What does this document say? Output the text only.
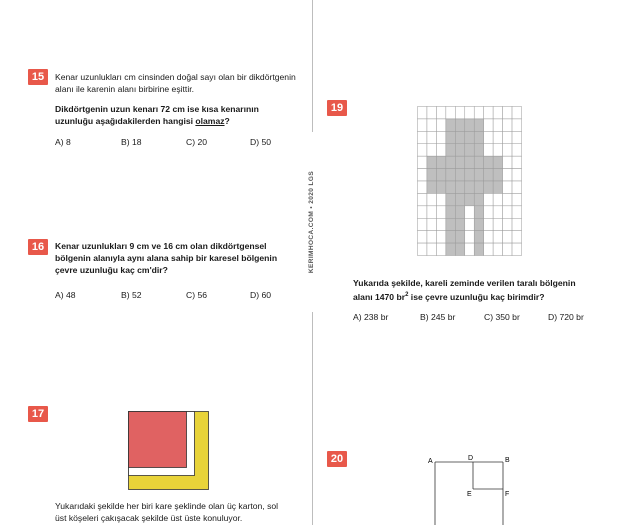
KERIMHOCA.COM • 2020 LGS
15	Kenar uzunlukları cm cinsinden doğal sayı olan bir dikdörtgenin
alanı ile karenin alanı birbirine eşittir.
Dikdörtgenin uzun kenarı 72 cm ise kısa kenarının
uzunluğu aşağıdakilerden hangisi olamaz?
A) 8	B) 18	C) 20	D) 50
16	Kenar uzunlukları 9 cm ve 16 cm olan dikdörtgensel
bölgenin alanıyla aynı alana sahip bir karesel bölgenin
çevre uzunluğu kaç cm'dir?
A) 48	B) 52	C) 56	D) 60
17
Yukarıdaki şekilde her biri kare şeklinde olan üç karton, sol
üst köşeleri çakışacak şekilde üst üste konuluyor.
19
Yukarıda şekilde, kareli zeminde verilen taralı bölgenin
alanı 1470 $br^2$ ise çevre uzunluğu kaç birimdir?
A) 238 br	B) 245 br	C) 350 br	D) 720 br
20	A	D	B
E	F
